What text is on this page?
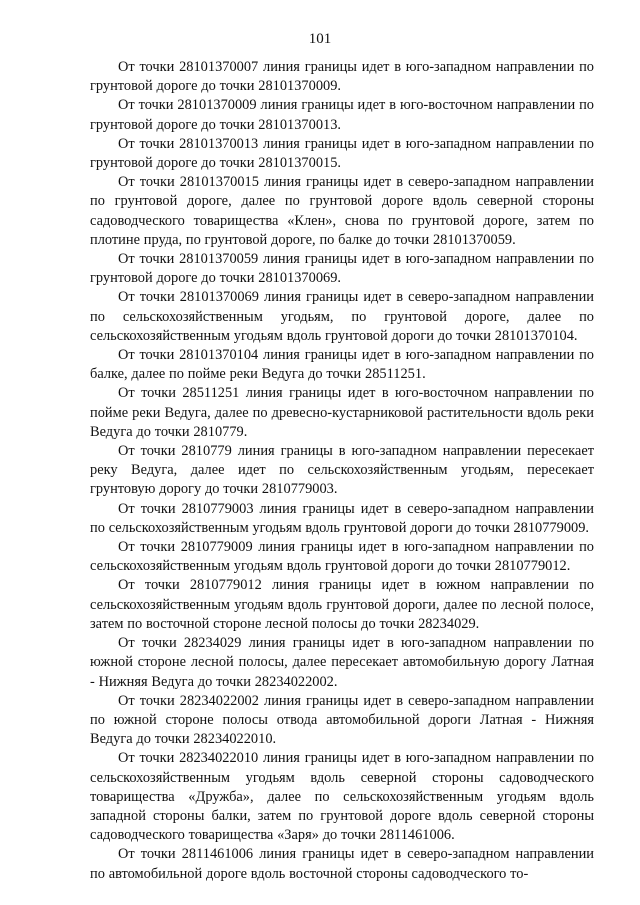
101

От точки 28101370007 линия границы идет в юго-западном направлении по грунтовой дороге до точки 28101370009.

От точки 28101370009 линия границы идет в юго-восточном направлении по грунтовой дороге до точки 28101370013.

От точки 28101370013 линия границы идет в юго-западном направлении по грунтовой дороге до точки 28101370015.

От точки 28101370015 линия границы идет в северо-западном направлении по грунтовой дороге, далее по грунтовой дороге вдоль северной стороны садоводческого товарищества «Клен», снова по грунтовой дороге, затем по плотине пруда, по грунтовой дороге, по балке до точки 28101370059.

От точки 28101370059 линия границы идет в юго-западном направлении по грунтовой дороге до точки 28101370069.

От точки 28101370069 линия границы идет в северо-западном направлении по сельскохозяйственным угодьям, по грунтовой дороге, далее по сельскохозяйственным угодьям вдоль грунтовой дороги до точки 28101370104.

От точки 28101370104 линия границы идет в юго-западном направлении по балке, далее по пойме реки Ведуга до точки 28511251.

От точки 28511251 линия границы идет в юго-восточном направлении по пойме реки Ведуга, далее по древесно-кустарниковой растительности вдоль реки Ведуга до точки 2810779.

От точки 2810779 линия границы в юго-западном направлении пересекает реку Ведуга, далее идет по сельскохозяйственным угодьям, пересекает грунтовую дорогу до точки 2810779003.

От точки 2810779003 линия границы идет в северо-западном направлении по сельскохозяйственным угодьям вдоль грунтовой дороги до точки 2810779009.

От точки 2810779009 линия границы идет в юго-западном направлении по сельскохозяйственным угодьям вдоль грунтовой дороги до точки 2810779012.

От точки 2810779012 линия границы идет в южном направлении по сельскохозяйственным угодьям вдоль грунтовой дороги, далее по лесной полосе, затем по восточной стороне лесной полосы до точки 28234029.

От точки 28234029 линия границы идет в юго-западном направлении по южной стороне лесной полосы, далее пересекает автомобильную дорогу Латная - Нижняя Ведуга до точки 28234022002.

От точки 28234022002 линия границы идет в северо-западном направлении по южной стороне полосы отвода автомобильной дороги Латная - Нижняя Ведуга до точки 28234022010.

От точки 28234022010 линия границы идет в юго-западном направлении по сельскохозяйственным угодьям вдоль северной стороны садоводческого товарищества «Дружба», далее по сельскохозяйственным угодьям вдоль западной стороны балки, затем по грунтовой дороге вдоль северной стороны садоводческого товарищества «Заря» до точки 2811461006.

От точки 2811461006 линия границы идет в северо-западном направлении по автомобильной дороге вдоль восточной стороны садоводческого то-
